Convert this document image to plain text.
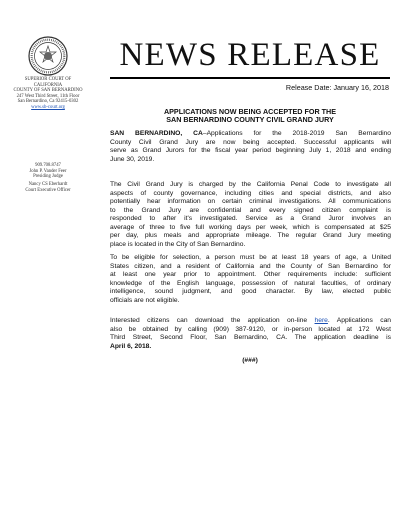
NEWS RELEASE
Release Date: January 16, 2018
SUPERIOR COURT OF
CALIFORNIA
COUNTY OF SAN BERNARDINO
247 West Third Street, 11th Floor
San Bernardino, Ca 92415-0302
www.sb-court.org
909.708.8747
John P. Vander Feer
Presiding Judge
Nancy CS Eberhardt
Court Executive Officer
APPLICATIONS NOW BEING ACCEPTED FOR THE
SAN BERNARDINO COUNTY CIVIL GRAND JURY
SAN BERNARDINO, CA–Applications for the 2018-2019 San Bernardino
County Civil Grand Jury are now being accepted. Successful applicants will
serve as Grand Jurors for the fiscal year period beginning July 1, 2018 and ending
June 30, 2019.
The Civil Grand Jury is charged by the California Penal Code to investigate all
aspects of county governance, including cities and special districts, and also
potentially hear information on certain criminal investigations. All communications
to the Grand Jury are confidential and every signed citizen complaint is
responded to after it's investigated. Service as a Grand Juror involves an
average of three to five full working days per week, which is compensated at $25
per day, plus meals and appropriate mileage. The regular Grand Jury meeting
place is located in the City of San Bernardino.
To be eligible for selection, a person must be at least 18 years of age, a United
States citizen, and a resident of California and the County of San Bernardino for
at least one year prior to appointment. Other requirements include: sufficient
knowledge of the English language, possession of natural faculties, of ordinary
intelligence, sound judgment, and good character. By law, elected public
officials are not eligible.
Interested citizens can download the application on-line here. Applications can
also be obtained by calling (909) 387-9120, or in-person located at 172 West
Third Street, Second Floor, San Bernardino, CA. The application deadline is
April 6, 2018.
(###)
